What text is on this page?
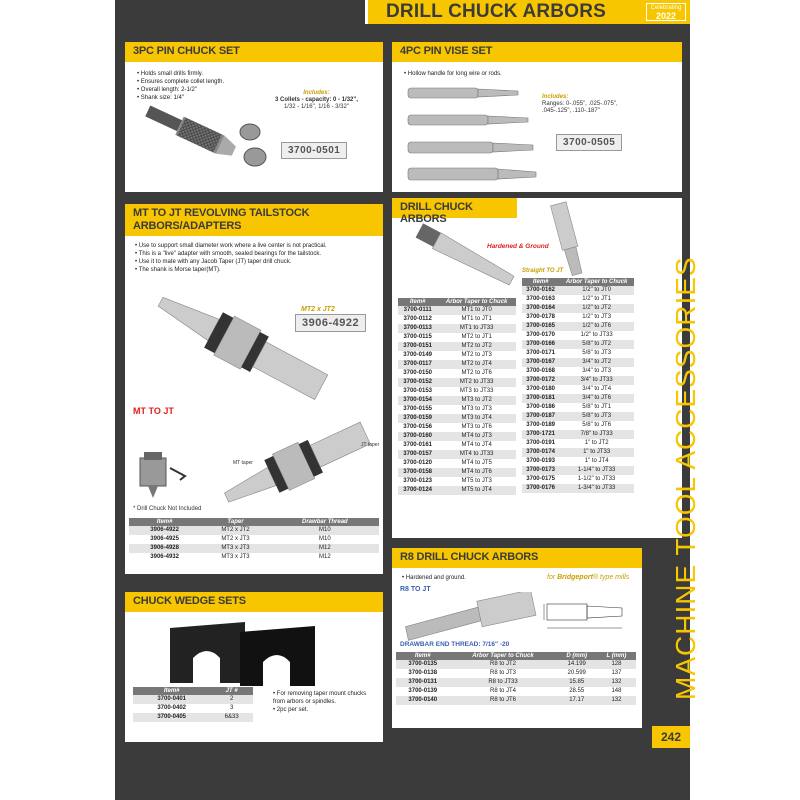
DRILL CHUCK ARBORS	Celebrating
2022
3PC PIN CHUCK SET
• Holds small drills firmly.
• Ensures complete collet length.
• Overall length: 2-1/2"
• Shank size: 1/4"
Includes:
3 Collets - capacity: 0 - 1/32",
1/32 - 1/16", 1/16 - 3/32"
3700-0501
4PC PIN VISE SET
• Hollow handle for long wire or rods.
Includes:
Ranges: 0-.055", .025-.075",
.045-.125", .110-.187"
3700-0505
MT TO JT REVOLVING TAILSTOCK
ARBORS/ADAPTERS
• Use to support small diameter work where a live center is not practical.
• This is a "live" adapter with smooth, sealed bearings for the tailstock.
• Use it to mate with any Jacob Taper (JT) taper drill chuck.
• The shank is Morse taper(MT).
MT2 x JT2
3906-4922
MT TO JT
MT taper
JT taper
* Drill Chuck Not Included
Item#	Taper	Drawbar Thread
3906-4922	MT2 x JT2	M10
3906-4925	MT2 x JT3	M10
3906-4928	MT3 x JT3	M12
3906-4932	MT3 x JT3	M12
CHUCK WEDGE SETS
Item#	JT #
3700-0401	2
3700-0402	3
3700-0405	6&33
• For removing taper mount chucks from arbors or spindles.
• 2pc per set.
DRILL CHUCK ARBORS
Hardened & Ground
Straight TO JT
Item#	Arbor Taper to Chuck
3700-0111	MT1 to JT0
3700-0112	MT1 to JT1
3700-0113	MT1 to JT33
3700-0115	MT2 to JT1
3700-0151	MT2 to JT2
3700-0149	MT2 to JT3
3700-0117	MT2 to JT4
3700-0150	MT2 to JT6
3700-0152	MT2 to JT33
3700-0153	MT3 to JT33
3700-0154	MT3 to JT2
3700-0155	MT3 to JT3
3700-0159	MT3 to JT4
3700-0156	MT3 to JT6
3700-0160	MT4 to JT3
3700-0161	MT4 to JT4
3700-0157	MT4 to JT33
3700-0120	MT4 to JT5
3700-0158	MT4 to JT6
3700-0123	MT5 to JT3
3700-0124	MT5 to JT4
Item#	Arbor Taper to Chuck
3700-0162	1/2" to JT0
3700-0163	1/2" to JT1
3700-0164	1/2" to JT2
3700-0178	1/2" to JT3
3700-0165	1/2" to JT6
3700-0170	1/2" to JT33
3700-0166	5/8" to JT2
3700-0171	5/8" to JT3
3700-0167	3/4" to JT2
3700-0168	3/4" to JT3
3700-0172	3/4" to JT33
3700-0180	3/4" to JT4
3700-0181	3/4" to JT6
3700-0186	5/8" to JT1
3700-0187	5/8" to JT3
3700-0189	5/8" to JT6
3700-1721	7/8" to JT33
3700-0191	1" to JT2
3700-0174	1" to JT33
3700-0193	1" to JT4
3700-0173	1-1/4" to JT33
3700-0175	1-1/2" to JT33
3700-0176	1-3/4" to JT33
R8 DRILL CHUCK ARBORS
• Hardened and ground.
R8 TO JT
for Bridgeport® type mills
DRAWBAR END THREAD: 7/16" -20
Item#	Arbor Taper to Chuck	D (mm)	L (mm)
3700-0135	R8 to JT2	14.199	128
3700-0138	R8 to JT3	20.599	137
3700-0131	R8 to JT33	15.85	132
3700-0139	R8 to JT4	28.55	148
3700-0140	R8 to JT6	17.17	132 MACHINE TOOL ACCESSORIES
242
